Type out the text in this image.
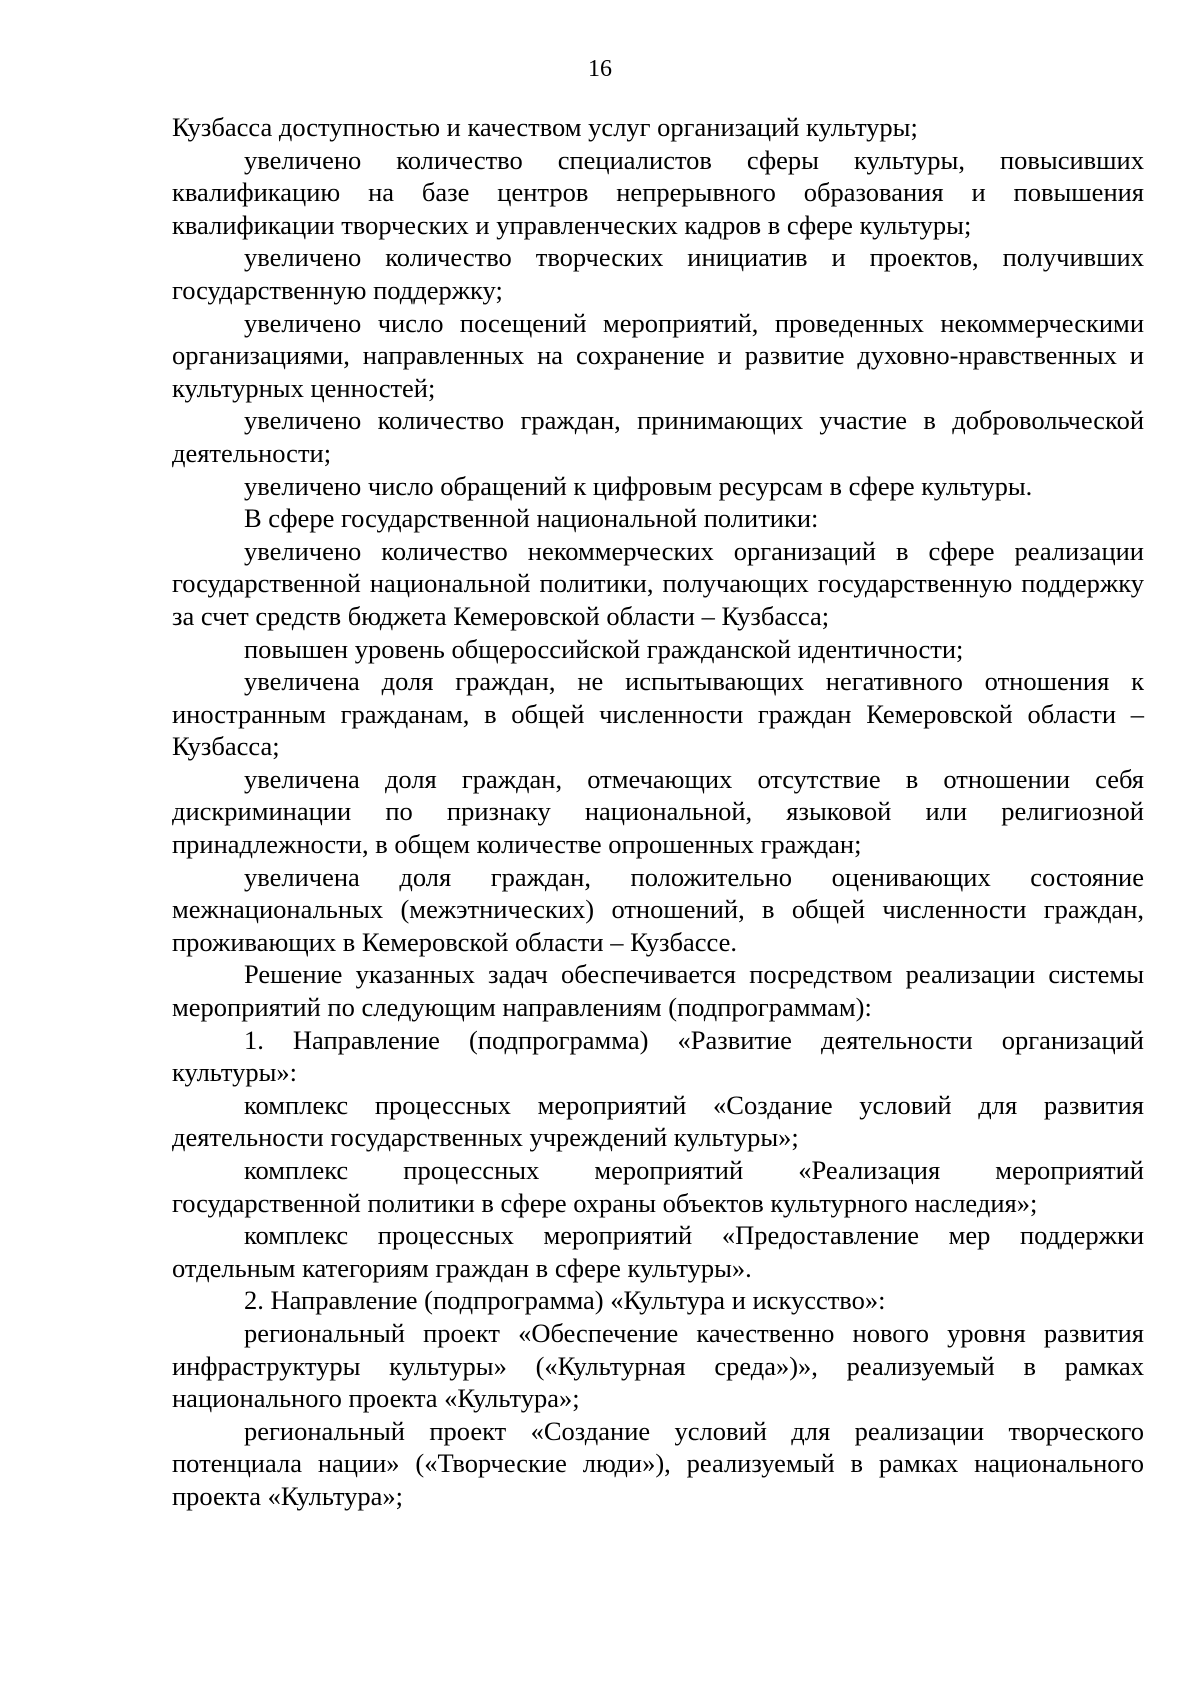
16

Кузбасса доступностью и качеством услуг организаций культуры;

увеличено количество специалистов сферы культуры, повысивших квалификацию на базе центров непрерывного образования и повышения квалификации творческих и управленческих кадров в сфере культуры;

увеличено количество творческих инициатив и проектов, получивших государственную поддержку;

увеличено число посещений мероприятий, проведенных некоммерческими организациями, направленных на сохранение и развитие духовно-нравственных и культурных ценностей;

увеличено количество граждан, принимающих участие в добровольческой деятельности;

увеличено число обращений к цифровым ресурсам в сфере культуры.

В сфере государственной национальной политики:

увеличено количество некоммерческих организаций в сфере реализации государственной национальной политики, получающих государственную поддержку за счет средств бюджета Кемеровской области – Кузбасса;

повышен уровень общероссийской гражданской идентичности;

увеличена доля граждан, не испытывающих негативного отношения к иностранным гражданам, в общей численности граждан Кемеровской области – Кузбасса;

увеличена доля граждан, отмечающих отсутствие в отношении себя дискриминации по признаку национальной, языковой или религиозной принадлежности, в общем количестве опрошенных граждан;

увеличена доля граждан, положительно оценивающих состояние межнациональных (межэтнических) отношений, в общей численности граждан, проживающих в Кемеровской области – Кузбассе.

Решение указанных задач обеспечивается посредством реализации системы мероприятий по следующим направлениям (подпрограммам):

1. Направление (подпрограмма) «Развитие деятельности организаций культуры»:

комплекс процессных мероприятий «Создание условий для развития деятельности государственных учреждений культуры»;

комплекс процессных мероприятий «Реализация мероприятий государственной политики в сфере охраны объектов культурного наследия»;

комплекс процессных мероприятий «Предоставление мер поддержки отдельным категориям граждан в сфере культуры».

2. Направление (подпрограмма) «Культура и искусство»:

региональный проект «Обеспечение качественно нового уровня развития инфраструктуры культуры» («Культурная среда»)», реализуемый в рамках национального проекта «Культура»;

региональный проект «Создание условий для реализации творческого потенциала нации» («Творческие люди»), реализуемый в рамках национального проекта «Культура»;
